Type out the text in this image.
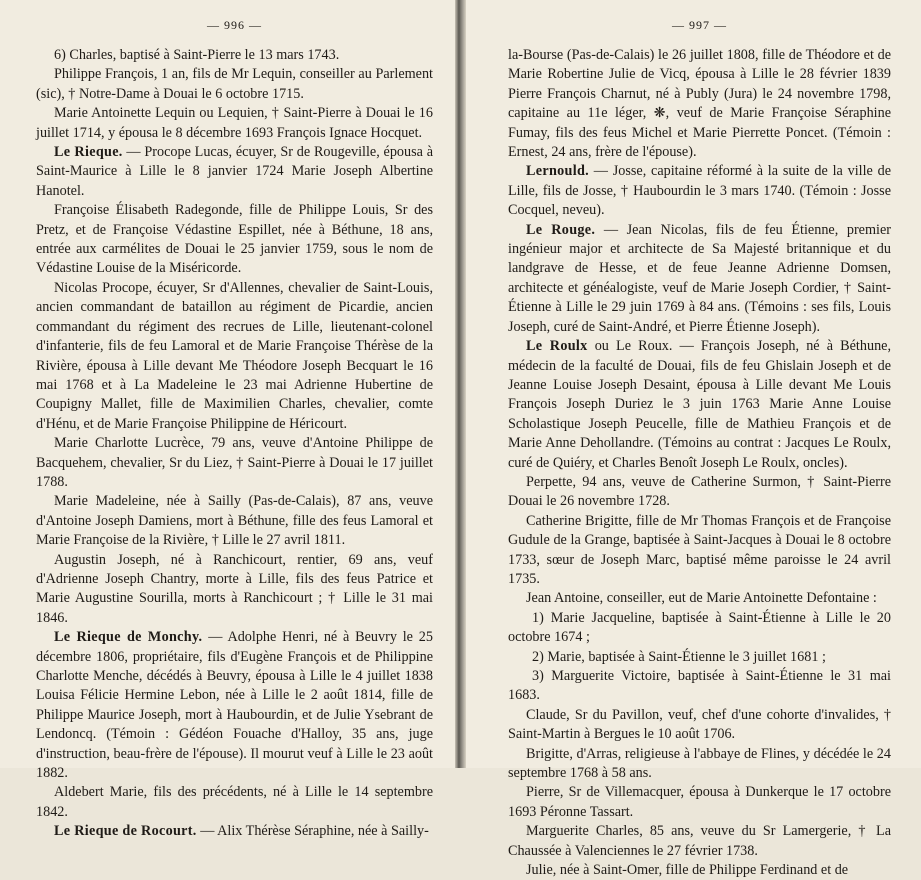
— 996 —

6) Charles, baptisé à Saint-Pierre le 13 mars 1743.

Philippe François, 1 an, fils de Mr Lequin, conseiller au Parlement (sic), † Notre-Dame à Douai le 6 octobre 1715.

Marie Antoinette Lequin ou Lequien, † Saint-Pierre à Douai le 16 juillet 1714, y épousa le 8 décembre 1693 François Ignace Hocquet.

Le Rieque. — Procope Lucas, écuyer, Sr de Rougeville, épousa à Saint-Maurice à Lille le 8 janvier 1724 Marie Joseph Albertine Hanotel.

Françoise Élisabeth Radegonde, fille de Philippe Louis, Sr des Pretz, et de Françoise Védastine Espillet, née à Béthune, 18 ans, entrée aux carmélites de Douai le 25 janvier 1759, sous le nom de Védastine Louise de la Miséricorde.

Nicolas Procope, écuyer, Sr d'Allennes, chevalier de Saint-Louis, ancien commandant de bataillon au régiment de Picardie, ancien commandant du régiment des recrues de Lille, lieutenant-colonel d'infanterie, fils de feu Lamoral et de Marie Françoise Thérèse de la Rivière, épousa à Lille devant Me Théodore Joseph Becquart le 16 mai 1768 et à La Madeleine le 23 mai Adrienne Hubertine de Coupigny Mallet, fille de Maximilien Charles, chevalier, comte d'Hénu, et de Marie Françoise Philippine de Héricourt.

Marie Charlotte Lucrèce, 79 ans, veuve d'Antoine Philippe de Bacquehem, chevalier, Sr du Liez, † Saint-Pierre à Douai le 17 juillet 1788.

Marie Madeleine, née à Sailly (Pas-de-Calais), 87 ans, veuve d'Antoine Joseph Damiens, mort à Béthune, fille des feus Lamoral et Marie Françoise de la Rivière, † Lille le 27 avril 1811.

Augustin Joseph, né à Ranchicourt, rentier, 69 ans, veuf d'Adrienne Joseph Chantry, morte à Lille, fils des feus Patrice et Marie Augustine Sourilla, morts à Ranchicourt ; † Lille le 31 mai 1846.

Le Rieque de Monchy. — Adolphe Henri, né à Beuvry le 25 décembre 1806, propriétaire, fils d'Eugène François et de Philippine Charlotte Menche, décédés à Beuvry, épousa à Lille le 4 juillet 1838 Louisa Félicie Hermine Lebon, née à Lille le 2 août 1814, fille de Philippe Maurice Joseph, mort à Haubourdin, et de Julie Ysebrant de Lendoncq. (Témoin : Gédéon Fouache d'Halloy, 35 ans, juge d'instruction, beau-frère de l'épouse). Il mourut veuf à Lille le 23 août 1882.

Aldebert Marie, fils des précédents, né à Lille le 14 septembre 1842.

Le Rieque de Rocourt. — Alix Thérèse Séraphine, née à Sailly-

— 997 —

la-Bourse (Pas-de-Calais) le 26 juillet 1808, fille de Théodore et de Marie Robertine Julie de Vicq, épousa à Lille le 28 février 1839 Pierre François Charnut, né à Publy (Jura) le 24 novembre 1798, capitaine au 11e léger, ❋, veuf de Marie Françoise Séraphine Fumay, fils des feus Michel et Marie Pierrette Poncet. (Témoin : Ernest, 24 ans, frère de l'épouse).

Lernould. — Josse, capitaine réformé à la suite de la ville de Lille, fils de Josse, † Haubourdin le 3 mars 1740. (Témoin : Josse Cocquel, neveu).

Le Rouge. — Jean Nicolas, fils de feu Étienne, premier ingénieur major et architecte de Sa Majesté britannique et du landgrave de Hesse, et de feue Jeanne Adrienne Domsen, architecte et généalogiste, veuf de Marie Joseph Cordier, † Saint-Étienne à Lille le 29 juin 1769 à 84 ans. (Témoins : ses fils, Louis Joseph, curé de Saint-André, et Pierre Étienne Joseph).

Le Roulx ou Le Roux. — François Joseph, né à Béthune, médecin de la faculté de Douai, fils de feu Ghislain Joseph et de Jeanne Louise Joseph Desaint, épousa à Lille devant Me Louis François Joseph Duriez le 3 juin 1763 Marie Anne Louise Scholastique Joseph Peucelle, fille de Mathieu François et de Marie Anne Dehollandre. (Témoins au contrat : Jacques Le Roulx, curé de Quiéry, et Charles Benoît Joseph Le Roulx, oncles).

Perpette, 94 ans, veuve de Catherine Surmon, † Saint-Pierre Douai le 26 novembre 1728.

Catherine Brigitte, fille de Mr Thomas François et de Françoise Gudule de la Grange, baptisée à Saint-Jacques à Douai le 8 octobre 1733, sœur de Joseph Marc, baptisé même paroisse le 24 avril 1735.

Jean Antoine, conseiller, eut de Marie Antoinette Defontaine :

1) Marie Jacqueline, baptisée à Saint-Étienne à Lille le 20 octobre 1674 ;

2) Marie, baptisée à Saint-Étienne le 3 juillet 1681 ;

3) Marguerite Victoire, baptisée à Saint-Étienne le 31 mai 1683.

Claude, Sr du Pavillon, veuf, chef d'une cohorte d'invalides, † Saint-Martin à Bergues le 10 août 1706.

Brigitte, d'Arras, religieuse à l'abbaye de Flines, y décédée le 24 septembre 1768 à 58 ans.

Pierre, Sr de Villemacquer, épousa à Dunkerque le 17 octobre 1693 Péronne Tassart.

Marguerite Charles, 85 ans, veuve du Sr Lamergerie, † La Chaussée à Valenciennes le 27 février 1738.

Julie, née à Saint-Omer, fille de Philippe Ferdinand et de
